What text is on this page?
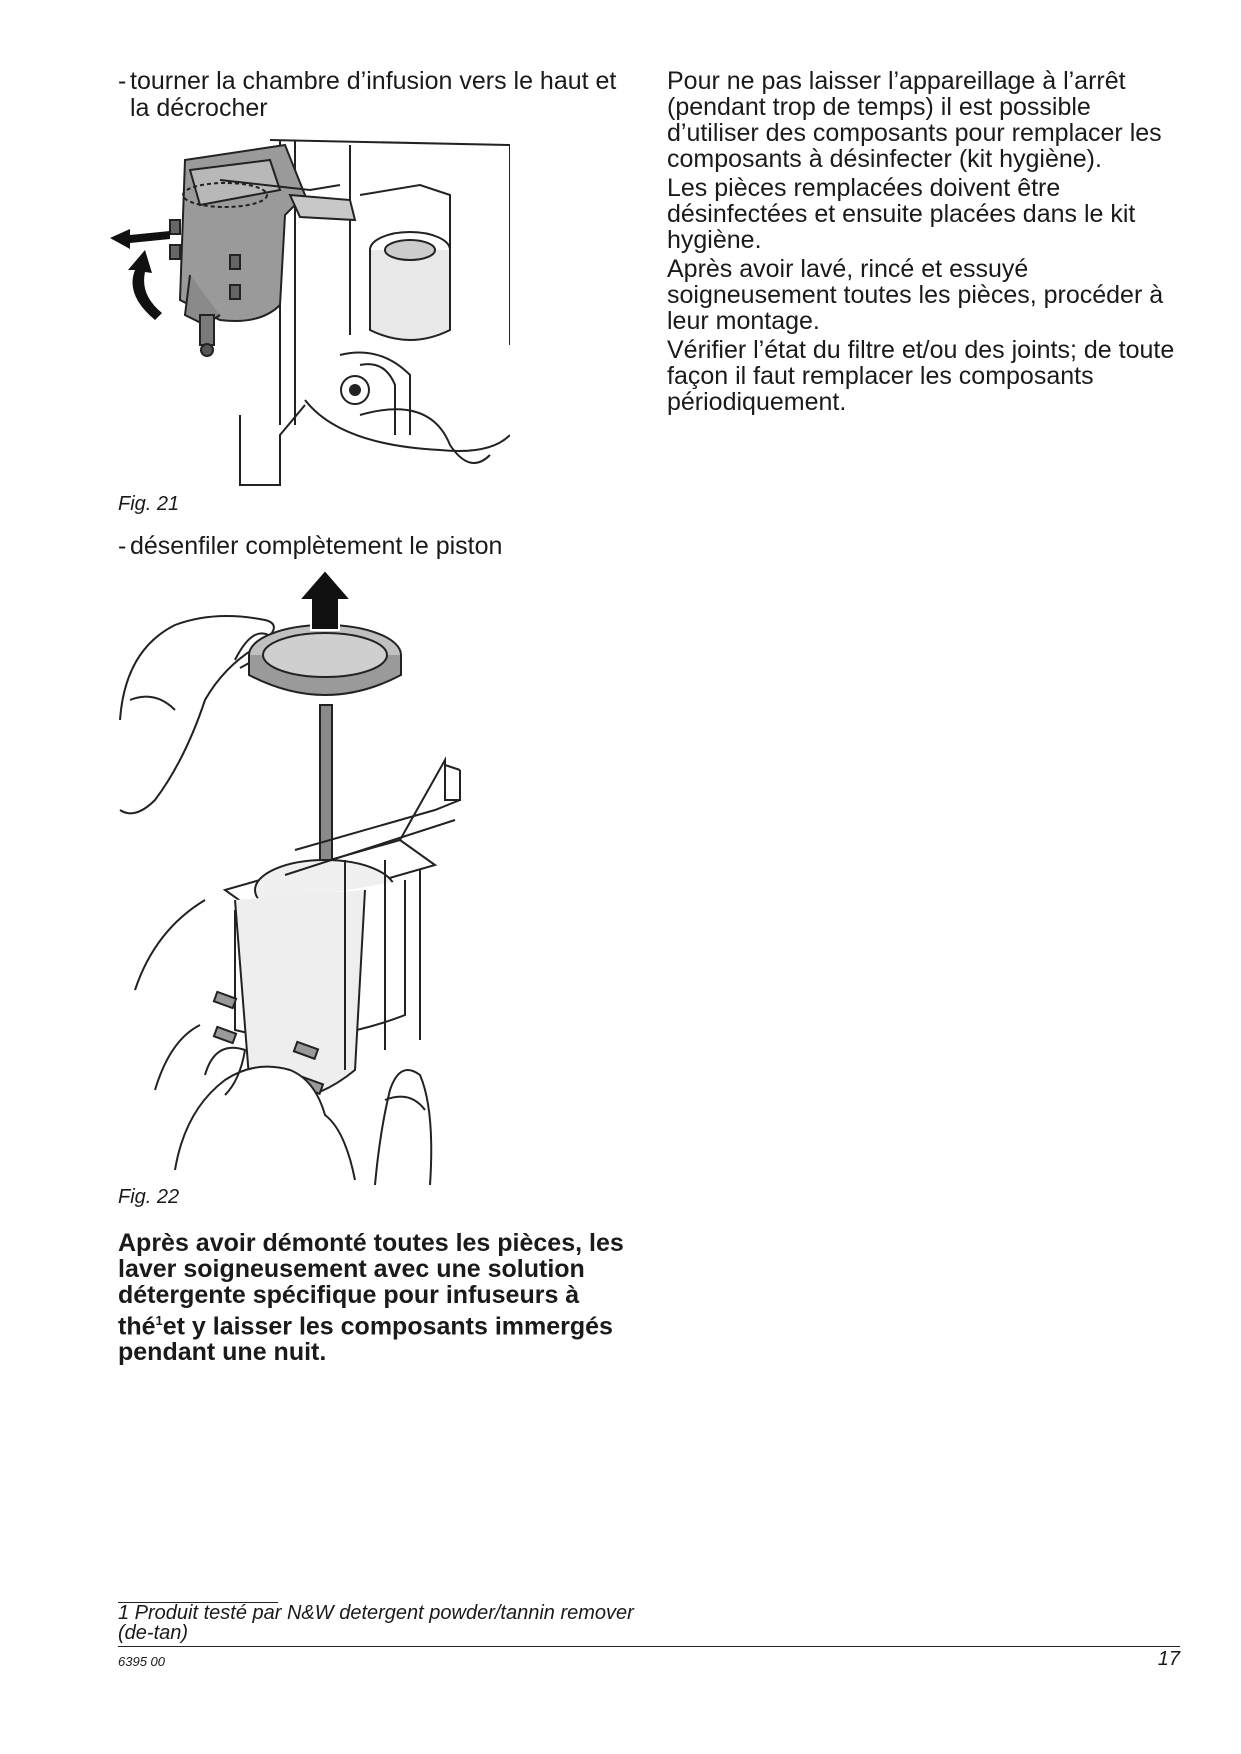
- tourner la chambre d’infusion vers le haut et la décrocher
Fig. 21
- désenfiler complètement le piston
Fig. 22
Après avoir démonté toutes les pièces, les laver soigneusement avec une solution détergente spécifique pour infuseurs à thé$^1$et y laisser les composants immergés pendant une nuit.

Pour ne pas laisser l’appareillage à l’arrêt (pendant trop de temps) il est possible d’utiliser des composants pour remplacer les composants à désinfecter (kit hygiène).

Les pièces remplacées doivent être désinfectées et ensuite placées dans le kit hygiène.

Après avoir lavé, rincé et essuyé soigneusement toutes les pièces, procéder à leur montage.

Vérifier l’état du filtre et/ou des joints; de toute façon il faut remplacer les composants périodiquement.

1 Produit testé par N&W detergent powder/tannin remover (de-tan)
6395 00	17
